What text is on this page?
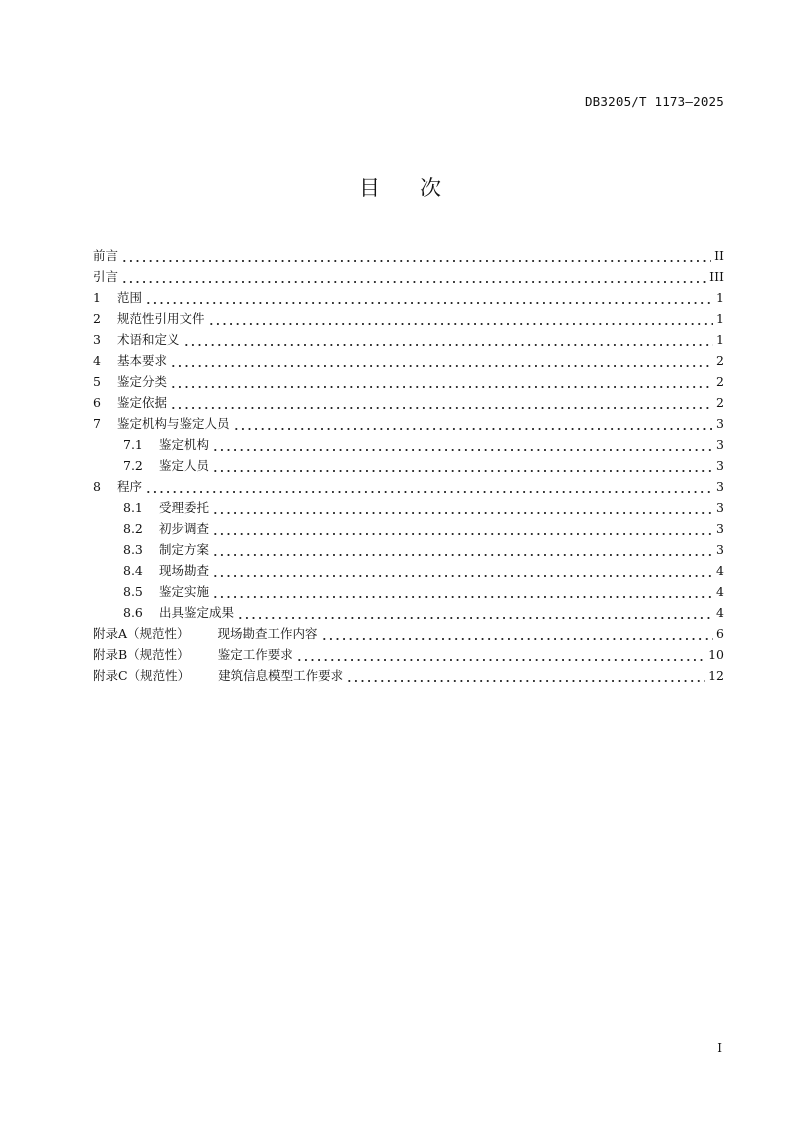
DB3205/T 1173—2025
目次
前言	II
引言	III
1	范围	1
2	规范性引用文件	1
3	术语和定义	1
4	基本要求	2
5	鉴定分类	2
6	鉴定依据	2
7	鉴定机构与鉴定人员	3
7.1	鉴定机构	3
7.2	鉴定人员	3
8	程序	3
8.1	受理委托	3
8.2	初步调查	3
8.3	制定方案	3
8.4	现场勘查	4
8.5	鉴定实施	4
8.6	出具鉴定成果	4
附录A（规范性） 现场勘查工作内容	6
附录B（规范性） 鉴定工作要求	10
附录C（规范性） 建筑信息模型工作要求	12
I
